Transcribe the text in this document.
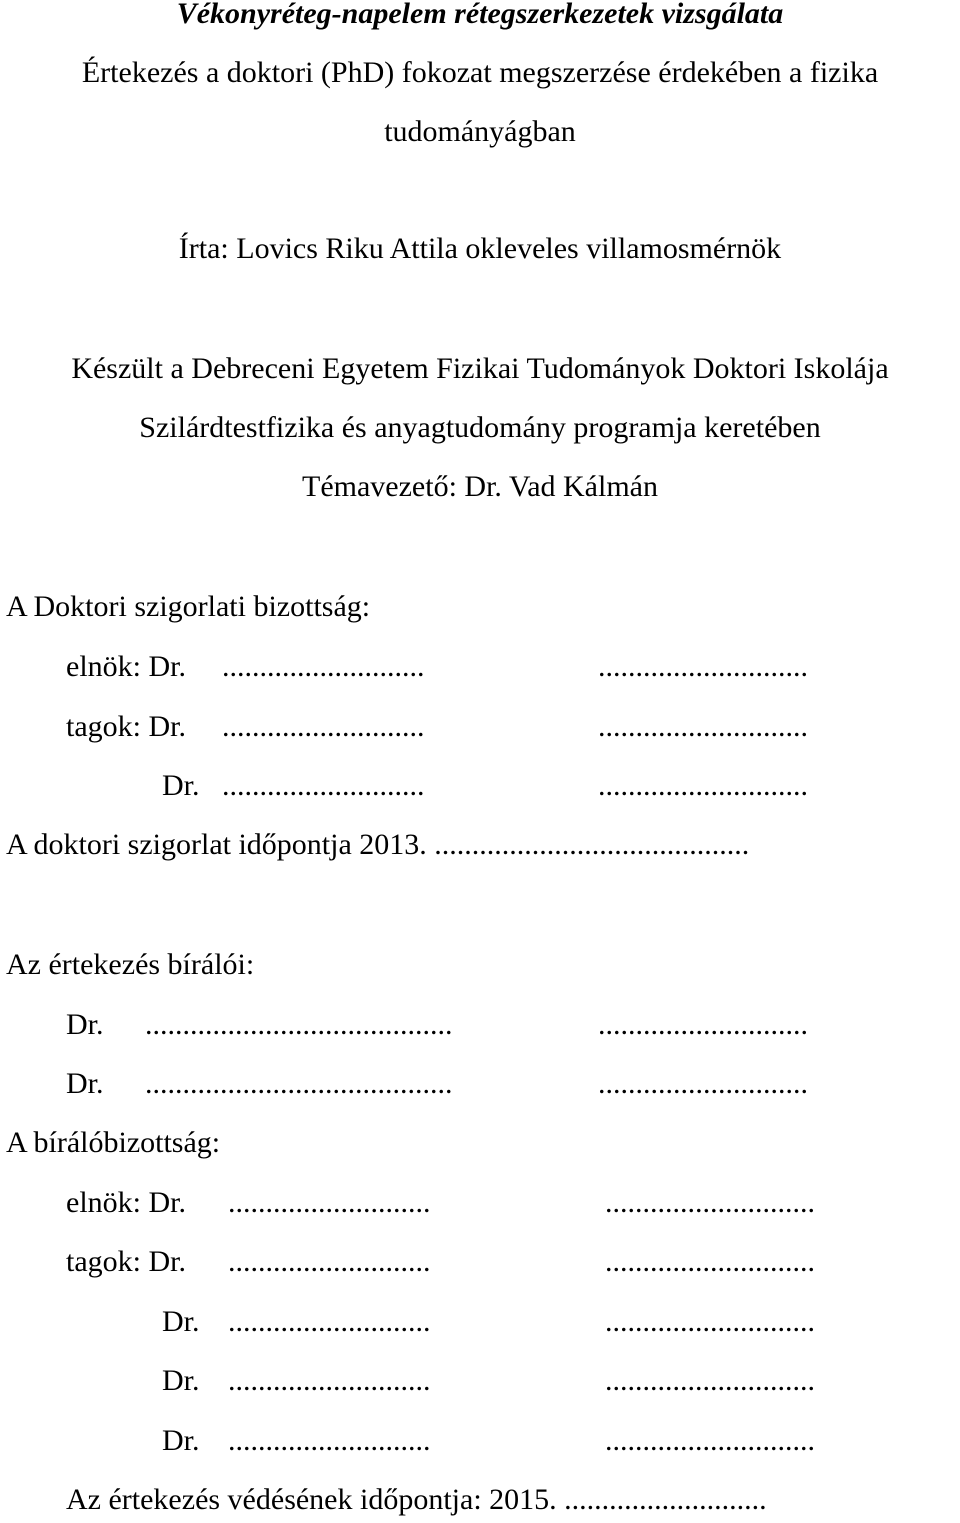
Vékonyréteg-napelem rétegszerkezetek vizsgálata
Értekezés a doktori (PhD) fokozat megszerzése érdekében a fizika
tudományágban
Írta: Lovics Riku Attila okleveles villamosmérnök
Készült a Debreceni Egyetem Fizikai Tudományok Doktori Iskolája
Szilárdtestfizika és anyagtudomány programja keretében
Témavezető: Dr. Vad Kálmán
A Doktori szigorlati bizottság:
elnök: Dr. ...........................	............................
tagok: Dr. ...........................	............................
Dr. ...........................	............................
A doktori szigorlat időpontja 2013. ..........................................
Az értekezés bírálói:
Dr. .........................................	............................
Dr. .........................................	............................
A bírálóbizottság:
elnök: Dr. ...........................	............................
tagok: Dr. ...........................	............................
Dr. ...........................	............................
Dr. ...........................	............................
Dr. ...........................	............................
Az értekezés védésének időpontja: 2015. ...........................
